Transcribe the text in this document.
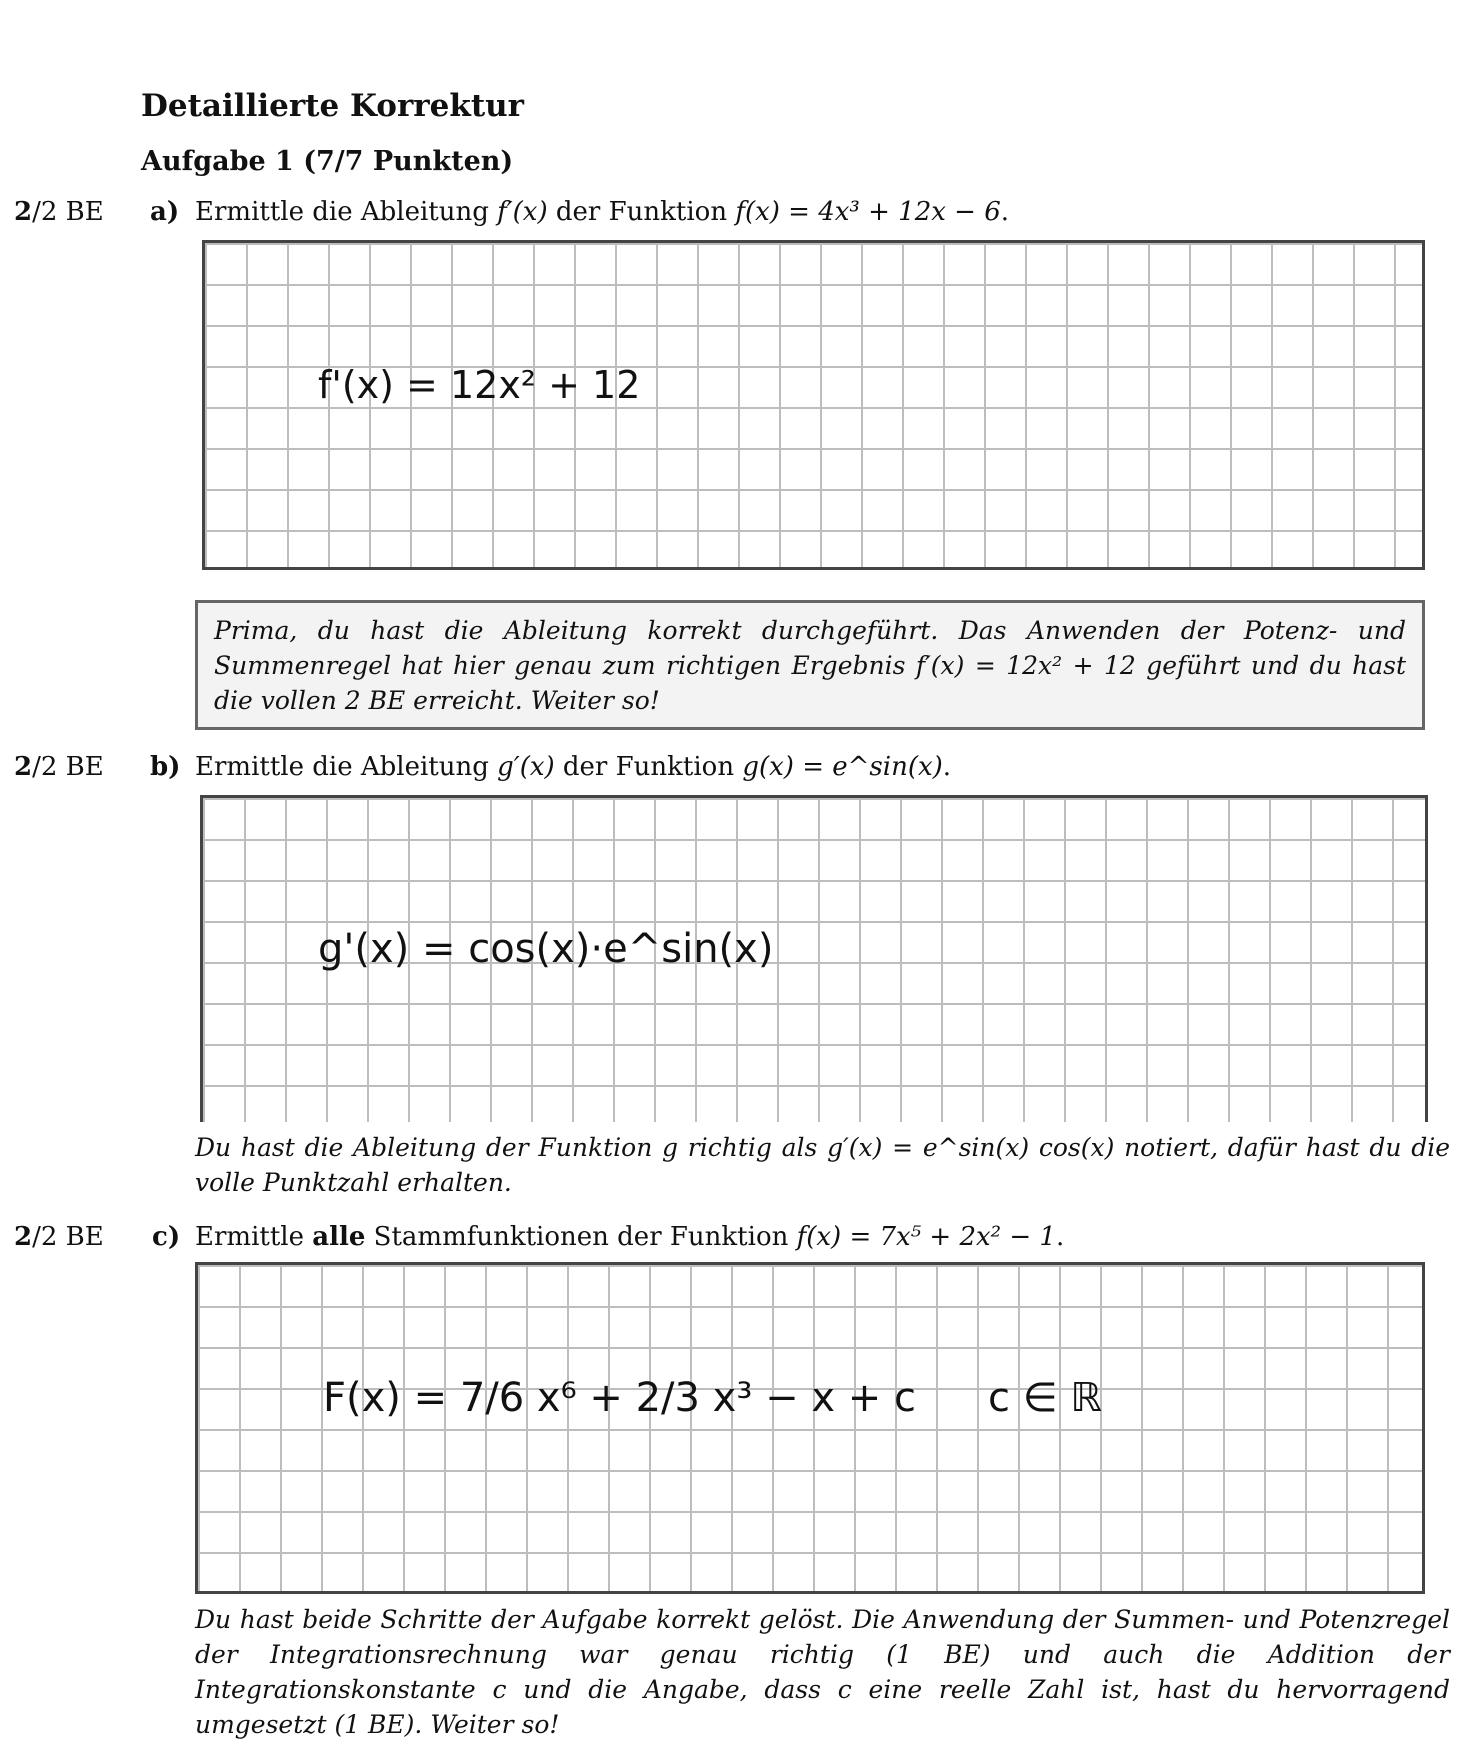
Detaillierte Korrektur
Aufgabe 1 (7/7 Punkten)
2/2 BE a) Ermittle die Ableitung f′(x) der Funktion f(x) = 4x³ + 12x − 6.
f'(x) = 12x² + 12
Prima, du hast die Ableitung korrekt durchgeführt. Das Anwenden der Potenz- und Summenregel hat hier genau zum richtigen Ergebnis f′(x) = 12x² + 12 geführt und du hast die vollen 2 BE erreicht. Weiter so!
2/2 BE b) Ermittle die Ableitung g′(x) der Funktion g(x) = e^sin(x).
g'(x) = cos(x)·e^sin(x)
Du hast die Ableitung der Funktion g richtig als g′(x) = e^sin(x) cos(x) notiert, dafür hast du die volle Punktzahl erhalten.
2/2 BE c) Ermittle alle Stammfunktionen der Funktion f(x) = 7x⁵ + 2x² − 1.
F(x) = 7/6 x⁶ + 2/3 x³ − x + c c ∈ ℝ
Du hast beide Schritte der Aufgabe korrekt gelöst. Die Anwendung der Summen- und Potenzregel der Integrationsrechnung war genau richtig (1 BE) und auch die Addition der Integrationskonstante c und die Angabe, dass c eine reelle Zahl ist, hast du hervorragend umgesetzt (1 BE). Weiter so!
